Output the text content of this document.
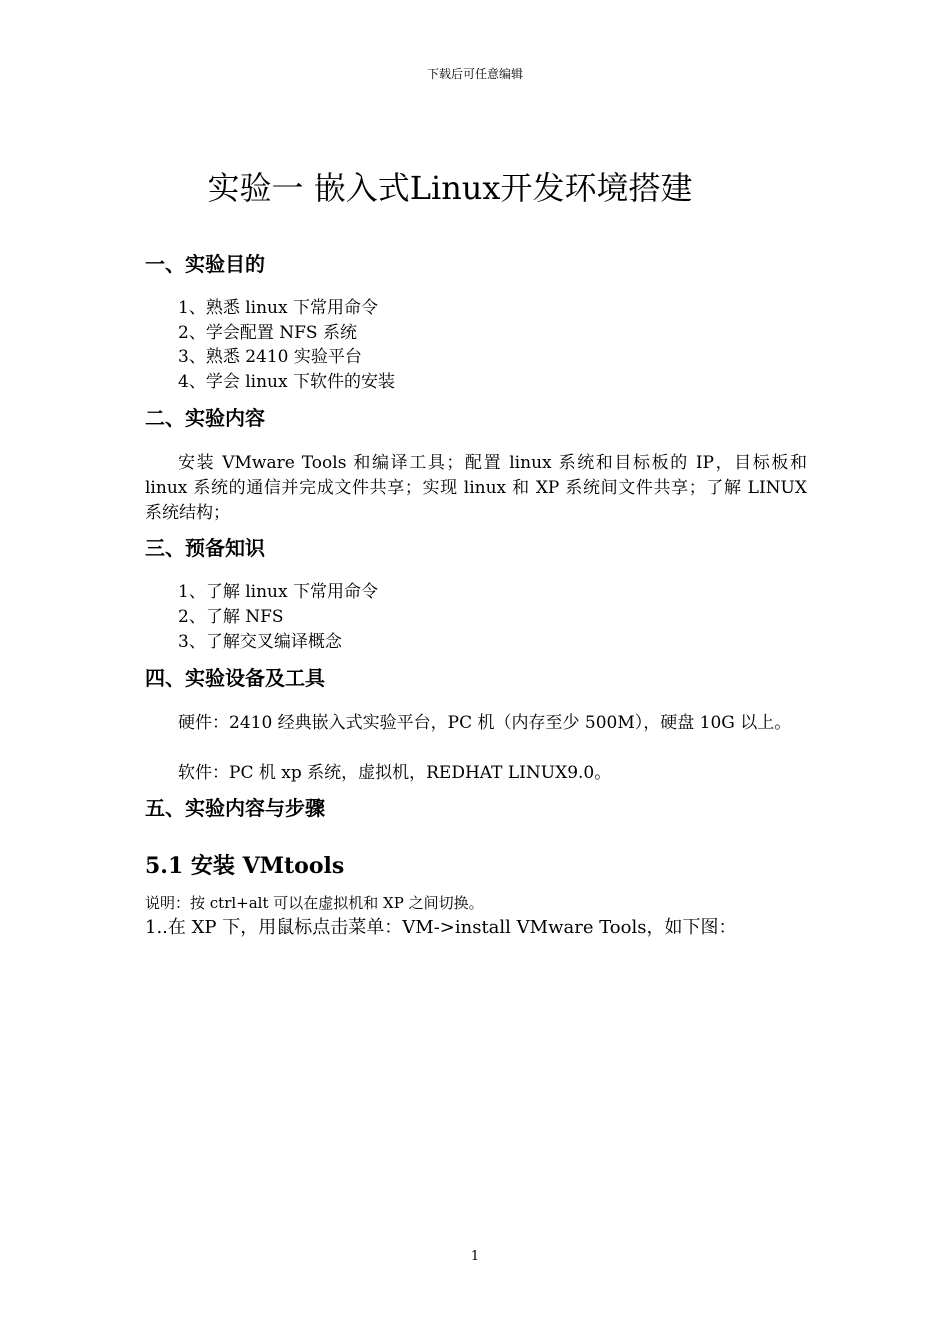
下载后可任意编辑
实验一 嵌入式Linux开发环境搭建
一、实验目的
1、熟悉 linux 下常用命令
2、学会配置 NFS 系统
3、熟悉 2410 实验平台
4、学会 linux 下软件的安装
二、实验内容
安装 VMware Tools 和编译工具；配置 linux 系统和目标板的 IP，目标板和 linux 系统的通信并完成文件共享；实现 linux 和 XP 系统间文件共享；了解 LINUX 系统结构；
三、预备知识
1、了解 linux 下常用命令
2、了解 NFS
3、了解交叉编译概念
四、实验设备及工具
硬件：2410 经典嵌入式实验平台，PC 机（内存至少 500M），硬盘 10G 以上。
软件：PC 机 xp 系统，虚拟机，REDHAT LINUX9.0。
五、实验内容与步骤
5.1 安装 VMtools
说明：按 ctrl+alt 可以在虚拟机和 XP 之间切换。
1..在 XP 下，用鼠标点击菜单：VM->install VMware Tools，如下图：
1
